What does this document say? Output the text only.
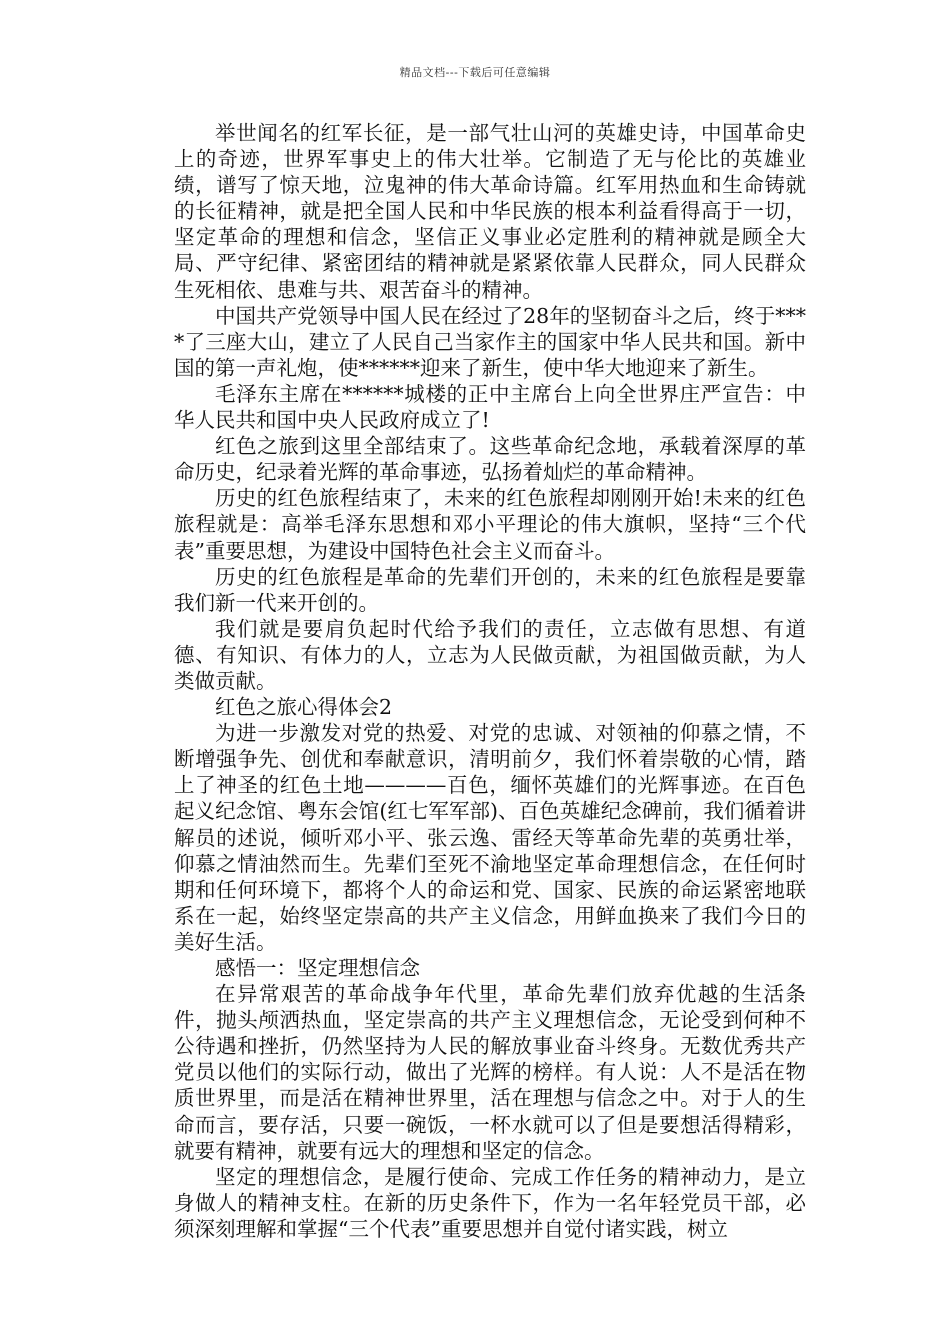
精品文档---下载后可任意编辑

举世闻名的红军长征，是一部气壮山河的英雄史诗，中国革命史上的奇迹，世界军事史上的伟大壮举。它制造了无与伦比的英雄业绩，谱写了惊天地，泣鬼神的伟大革命诗篇。红军用热血和生命铸就的长征精神，就是把全国人民和中华民族的根本利益看得高于一切，坚定革命的理想和信念，坚信正义事业必定胜利的精神就是顾全大局、严守纪律、紧密团结的精神就是紧紧依靠人民群众，同人民群众生死相依、患难与共、艰苦奋斗的精神。

中国共产党领导中国人民在经过了28年的坚韧奋斗之后，终于****了三座大山，建立了人民自己当家作主的国家中华人民共和国。新中国的第一声礼炮，使******迎来了新生，使中华大地迎来了新生。

毛泽东主席在******城楼的正中主席台上向全世界庄严宣告：中华人民共和国中央人民政府成立了!

红色之旅到这里全部结束了。这些革命纪念地，承载着深厚的革命历史，纪录着光辉的革命事迹，弘扬着灿烂的革命精神。

历史的红色旅程结束了，未来的红色旅程却刚刚开始!未来的红色旅程就是：高举毛泽东思想和邓小平理论的伟大旗帜，坚持“三个代表”重要思想，为建设中国特色社会主义而奋斗。

历史的红色旅程是革命的先辈们开创的，未来的红色旅程是要靠我们新一代来开创的。

我们就是要肩负起时代给予我们的责任，立志做有思想、有道德、有知识、有体力的人，立志为人民做贡献，为祖国做贡献，为人类做贡献。

红色之旅心得体会2

为进一步激发对党的热爱、对党的忠诚、对领袖的仰慕之情，不断增强争先、创优和奉献意识，清明前夕，我们怀着崇敬的心情，踏上了神圣的红色土地————百色，缅怀英雄们的光辉事迹。在百色起义纪念馆、粤东会馆(红七军军部)、百色英雄纪念碑前，我们循着讲解员的述说，倾听邓小平、张云逸、雷经天等革命先辈的英勇壮举，仰慕之情油然而生。先辈们至死不渝地坚定革命理想信念，在任何时期和任何环境下，都将个人的命运和党、国家、民族的命运紧密地联系在一起，始终坚定崇高的共产主义信念，用鲜血换来了我们今日的美好生活。

感悟一：坚定理想信念

在异常艰苦的革命战争年代里，革命先辈们放弃优越的生活条件，抛头颅洒热血，坚定崇高的共产主义理想信念，无论受到何种不公待遇和挫折，仍然坚持为人民的解放事业奋斗终身。无数优秀共产党员以他们的实际行动，做出了光辉的榜样。有人说：人不是活在物质世界里，而是活在精神世界里，活在理想与信念之中。对于人的生命而言，要存活，只要一碗饭，一杯水就可以了但是要想活得精彩，就要有精神，就要有远大的理想和坚定的信念。

坚定的理想信念，是履行使命、完成工作任务的精神动力，是立身做人的精神支柱。在新的历史条件下，作为一名年轻党员干部，必须深刻理解和掌握“三个代表”重要思想并自觉付诸实践，树立
